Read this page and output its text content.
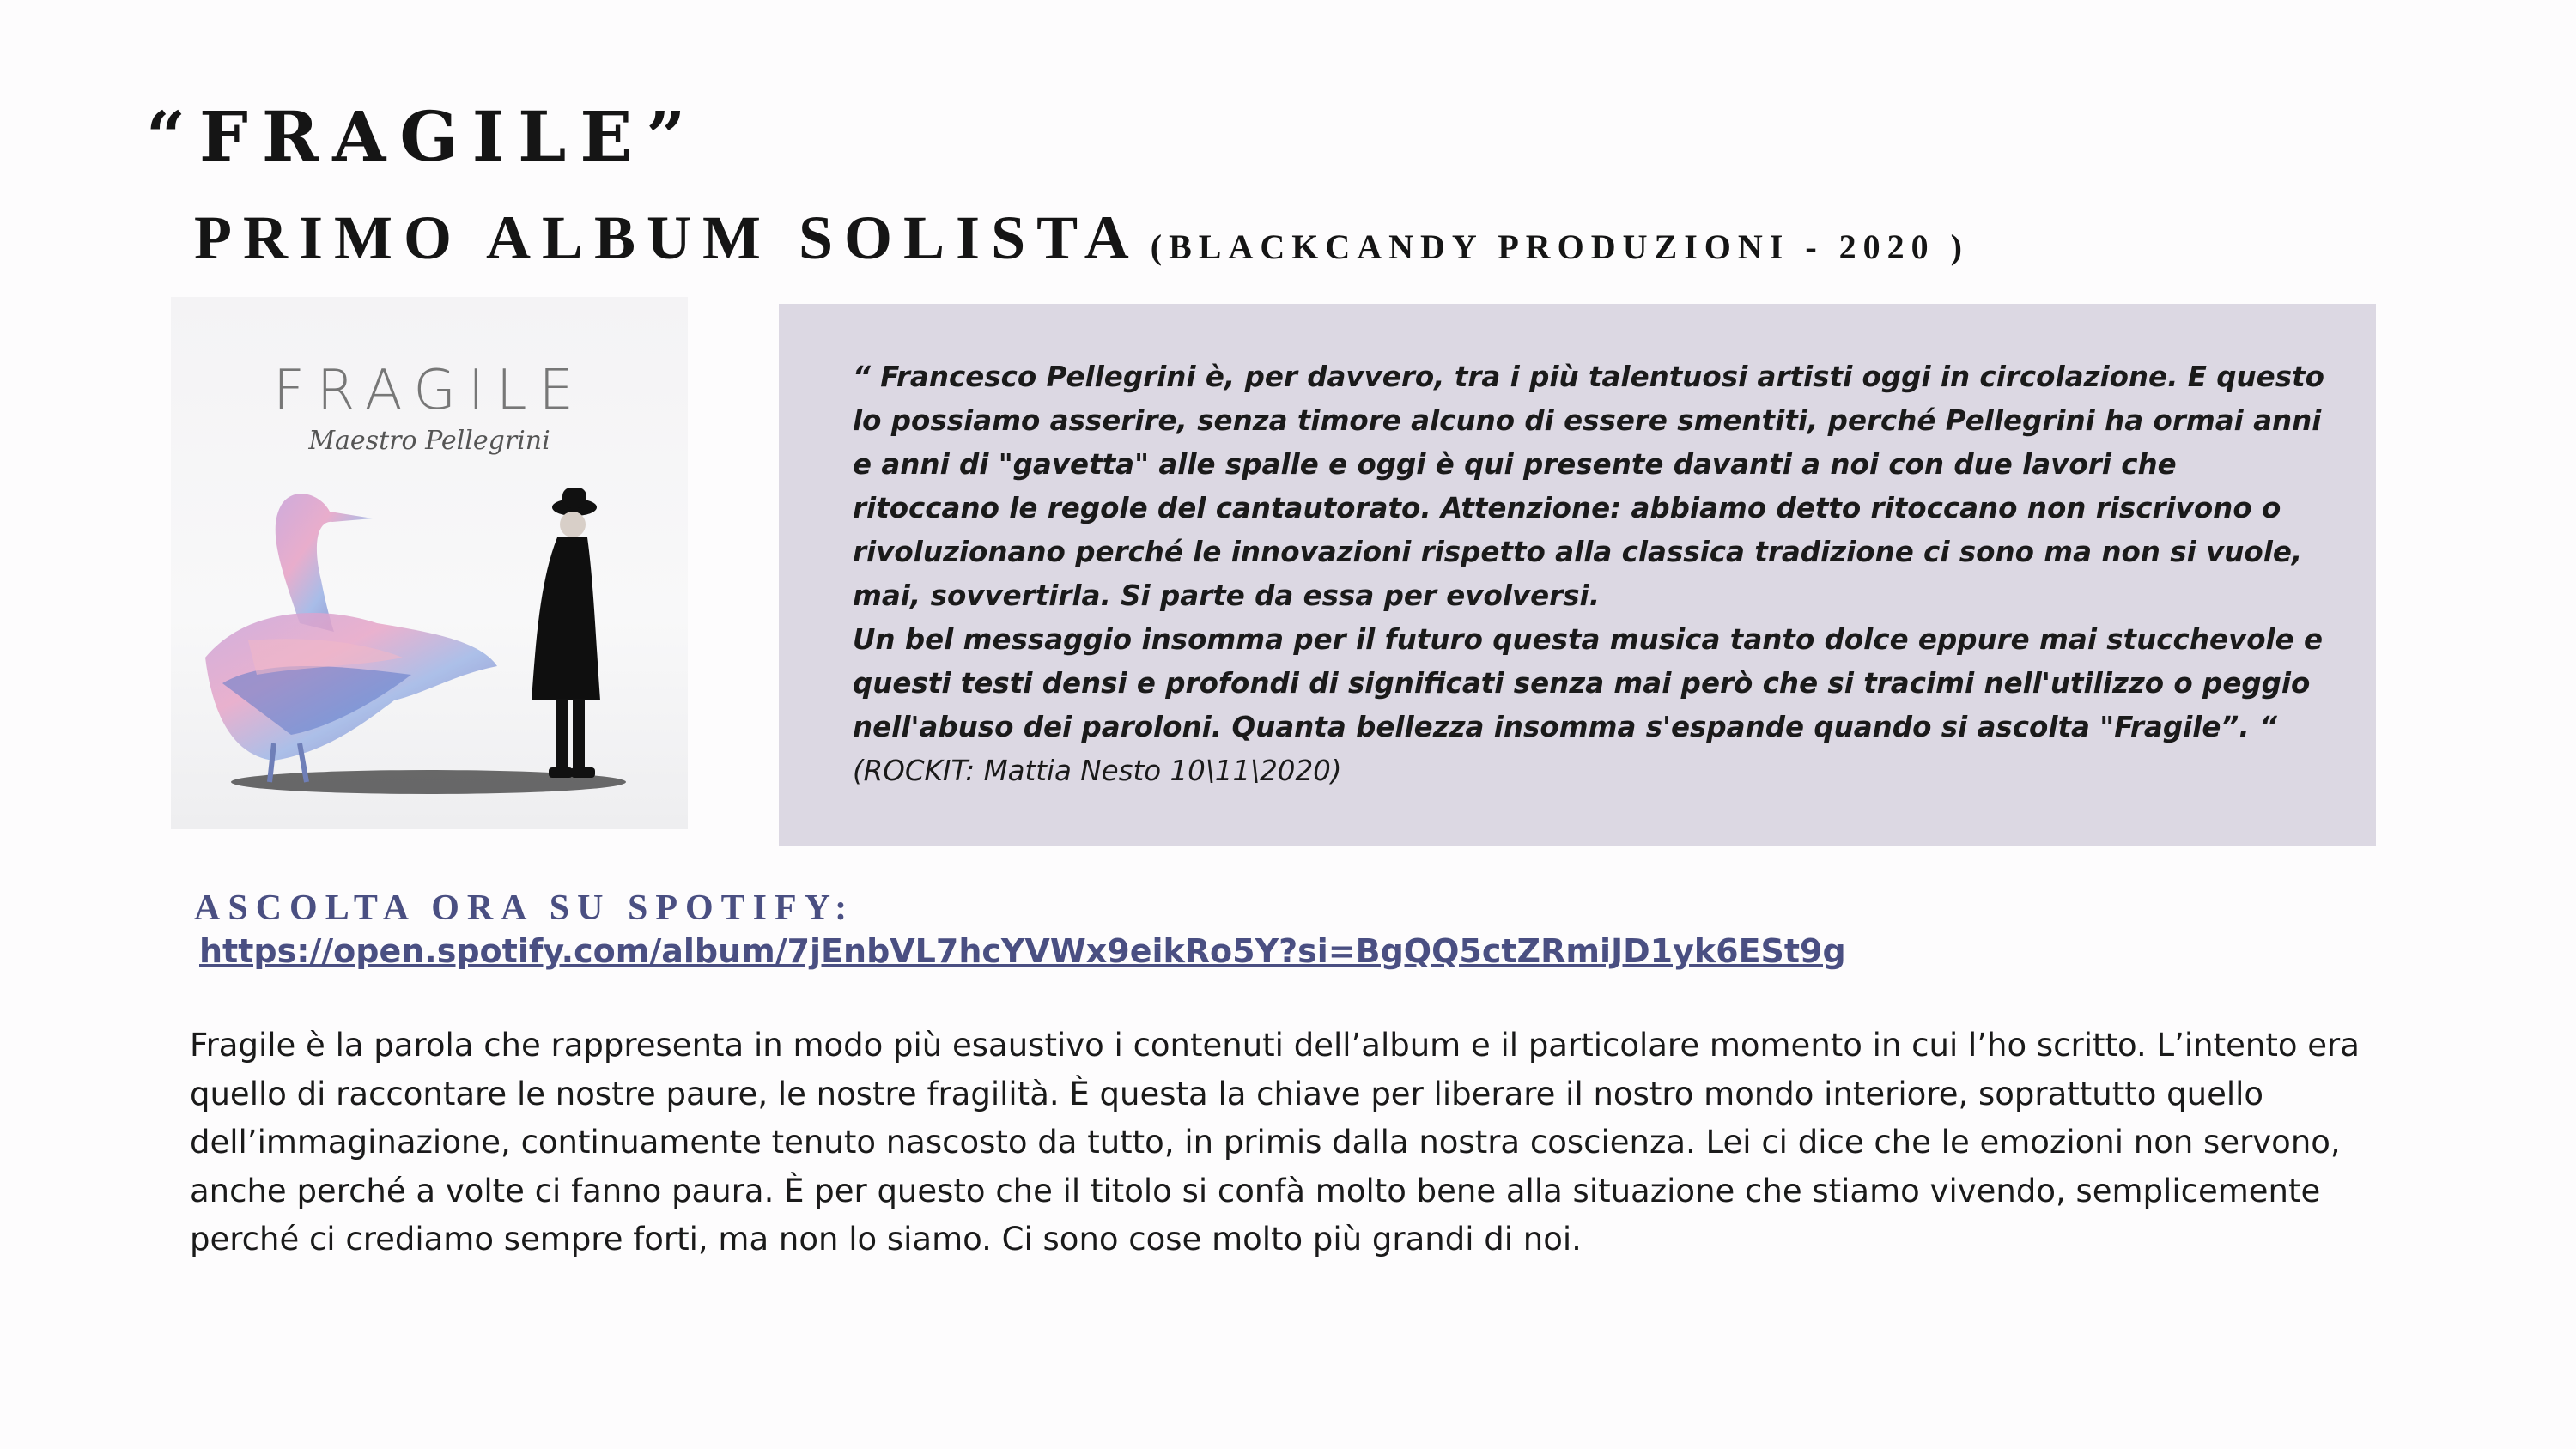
“FRAGILE”
PRIMO ALBUM SOLISTA (BLACKCANDY PRODUZIONI - 2020 )
FRAGILE
Maestro Pellegrini

“ Francesco Pellegrini è, per davvero, tra i più talentuosi artisti oggi in circolazione. E questo lo possiamo asserire, senza timore alcuno di essere smentiti, perché Pellegrini ha ormai anni e anni di "gavetta" alle spalle e oggi è qui presente davanti a noi con due lavori che ritoccano le regole del cantautorato. Attenzione: abbiamo detto ritoccano non riscrivono o rivoluzionano perché le innovazioni rispetto alla classica tradizione ci sono ma non si vuole, mai, sovvertirla. Si parte da essa per evolversi.

Un bel messaggio insomma per il futuro questa musica tanto dolce eppure mai stucchevole e questi testi densi e profondi di significati senza mai però che si tracimi nell'utilizzo o peggio nell'abuso dei paroloni. Quanta bellezza insomma s'espande quando si ascolta "Fragile”. “

(ROCKIT: Mattia Nesto 10\11\2020)

ASCOLTA ORA SU SPOTIFY:
https://open.spotify.com/album/7jEnbVL7hcYVWx9eikRo5Y?si=BgQQ5ctZRmiJD1yk6ESt9g

Fragile è la parola che rappresenta in modo più esaustivo i contenuti dell’album e il particolare momento in cui l’ho scritto. L’intento era quello di raccontare le nostre paure, le nostre fragilità. È questa la chiave per liberare il nostro mondo interiore, soprattutto quello dell’immaginazione, continuamente tenuto nascosto da tutto, in primis dalla nostra coscienza. Lei ci dice che le emozioni non servono, anche perché a volte ci fanno paura. È per questo che il titolo si confà molto bene alla situazione che stiamo vivendo, semplicemente perché ci crediamo sempre forti, ma non lo siamo. Ci sono cose molto più grandi di noi.
